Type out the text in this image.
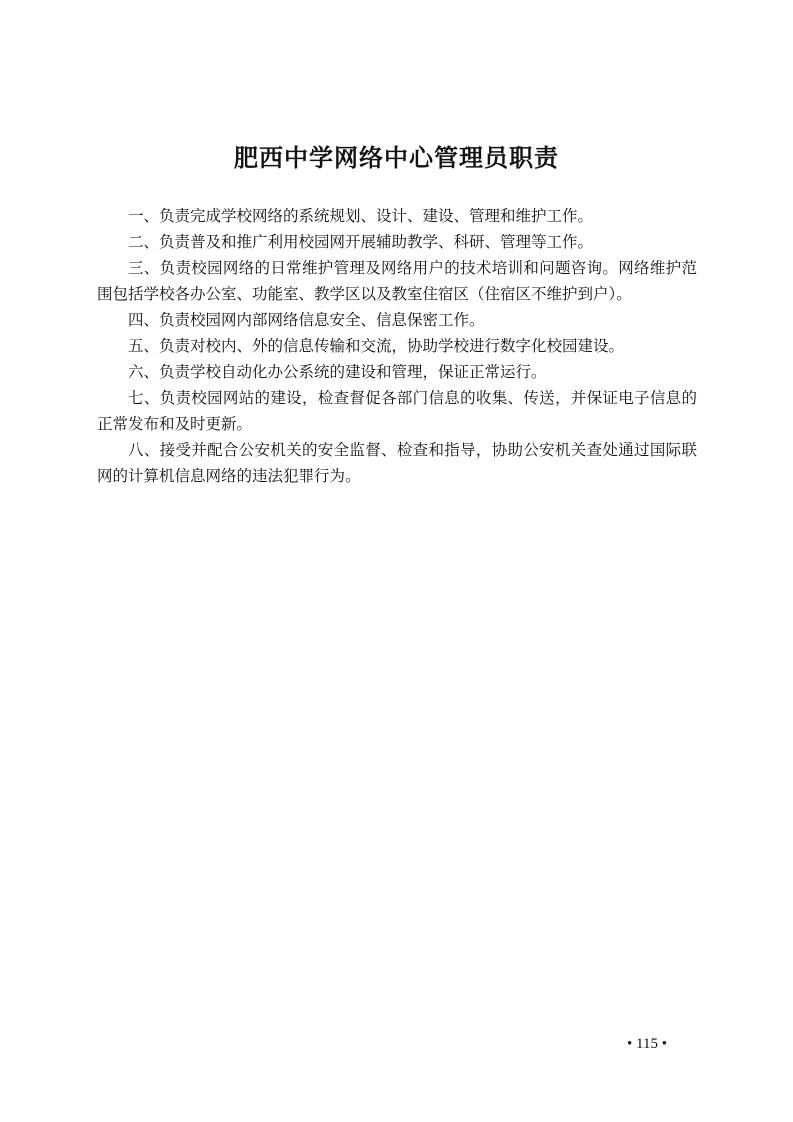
肥西中学网络中心管理员职责

一、负责完成学校网络的系统规划、设计、建设、管理和维护工作。

二、负责普及和推广利用校园网开展辅助教学、科研、管理等工作。

三、负责校园网络的日常维护管理及网络用户的技术培训和问题咨询。网络维护范围包括学校各办公室、功能室、教学区以及教室住宿区（住宿区不维护到户）。

四、负责校园网内部网络信息安全、信息保密工作。

五、负责对校内、外的信息传输和交流，协助学校进行数字化校园建设。

六、负责学校自动化办公系统的建设和管理，保证正常运行。

七、负责校园网站的建设，检查督促各部门信息的收集、传送，并保证电子信息的正常发布和及时更新。

八、接受并配合公安机关的安全监督、检查和指导，协助公安机关查处通过国际联网的计算机信息网络的违法犯罪行为。

• 115 •
